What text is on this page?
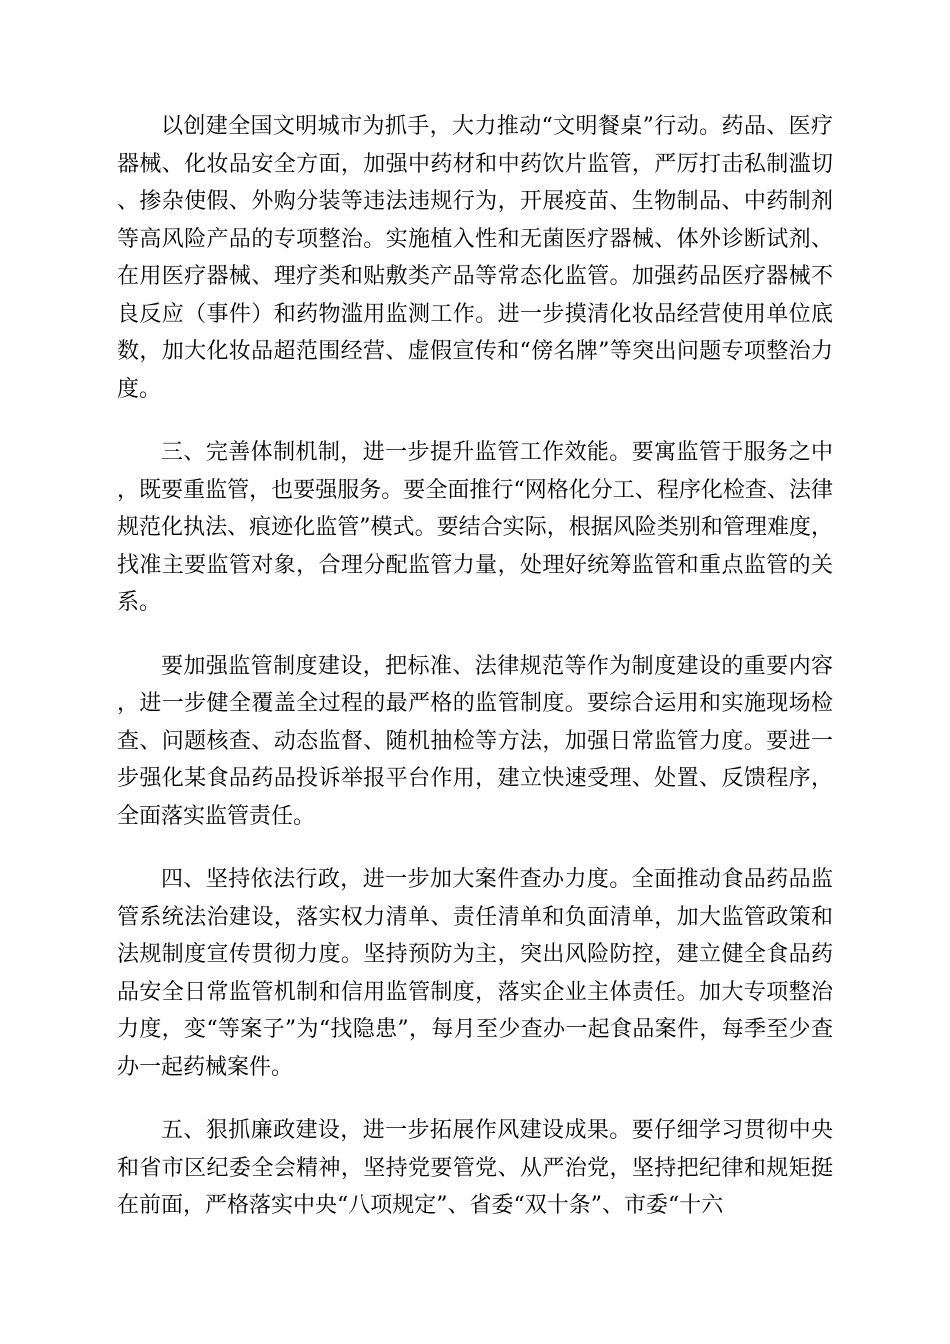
以创建全国文明城市为抓手，大力推动“文明餐桌”行动。药品、医疗器械、化妆品安全方面，加强中药材和中药饮片监管，严厉打击私制滥切、掺杂使假、外购分装等违法违规行为，开展疫苗、生物制品、中药制剂等高风险产品的专项整治。实施植入性和无菌医疗器械、体外诊断试剂、在用医疗器械、理疗类和贴敷类产品等常态化监管。加强药品医疗器械不良反应（事件）和药物滥用监测工作。进一步摸清化妆品经营使用单位底数，加大化妆品超范围经营、虚假宣传和“傍名牌”等突出问题专项整治力度。

三、完善体制机制，进一步提升监管工作效能。要寓监管于服务之中，既要重监管，也要强服务。要全面推行“网格化分工、程序化检查、法律规范化执法、痕迹化监管”模式。要结合实际，根据风险类别和管理难度，找准主要监管对象，合理分配监管力量，处理好统筹监管和重点监管的关系。

要加强监管制度建设，把标准、法律规范等作为制度建设的重要内容，进一步健全覆盖全过程的最严格的监管制度。要综合运用和实施现场检查、问题核查、动态监督、随机抽检等方法，加强日常监管力度。要进一步强化某食品药品投诉举报平台作用，建立快速受理、处置、反馈程序，全面落实监管责任。

四、坚持依法行政，进一步加大案件查办力度。全面推动食品药品监管系统法治建设，落实权力清单、责任清单和负面清单，加大监管政策和法规制度宣传贯彻力度。坚持预防为主，突出风险防控，建立健全食品药品安全日常监管机制和信用监管制度，落实企业主体责任。加大专项整治力度，变“等案子”为“找隐患”，每月至少查办一起食品案件，每季至少查办一起药械案件。

五、狠抓廉政建设，进一步拓展作风建设成果。要仔细学习贯彻中央和省市区纪委全会精神，坚持党要管党、从严治党，坚持把纪律和规矩挺在前面，严格落实中央“八项规定”、省委“双十条”、市委“十六
